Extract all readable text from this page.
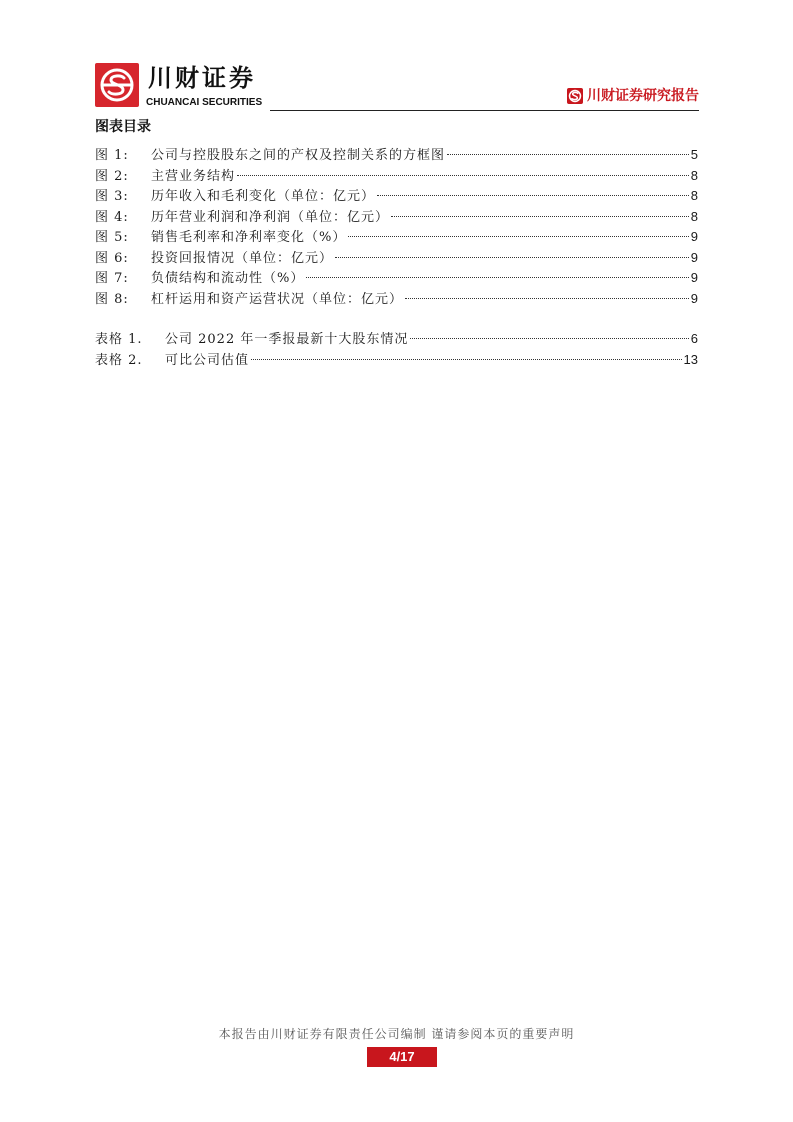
川财证券
CHUANCAI SECURITIES	川财证券研究报告
图表目录
图 1:	公司与控股股东之间的产权及控制关系的方框图	5
图 2:	主营业务结构	8
图 3:	历年收入和毛利变化（单位：亿元）	8
图 4:	历年营业利润和净利润（单位：亿元）	8
图 5:	销售毛利率和净利率变化（%）	9
图 6:	投资回报情况（单位：亿元）	9
图 7:	负债结构和流动性（%）	9
图 8:	杠杆运用和资产运营状况（单位：亿元）	9
表格 1.	公司 2022 年一季报最新十大股东情况	6
表格 2.	可比公司估值	13
本报告由川财证券有限责任公司编制 谨请参阅本页的重要声明
4/17
